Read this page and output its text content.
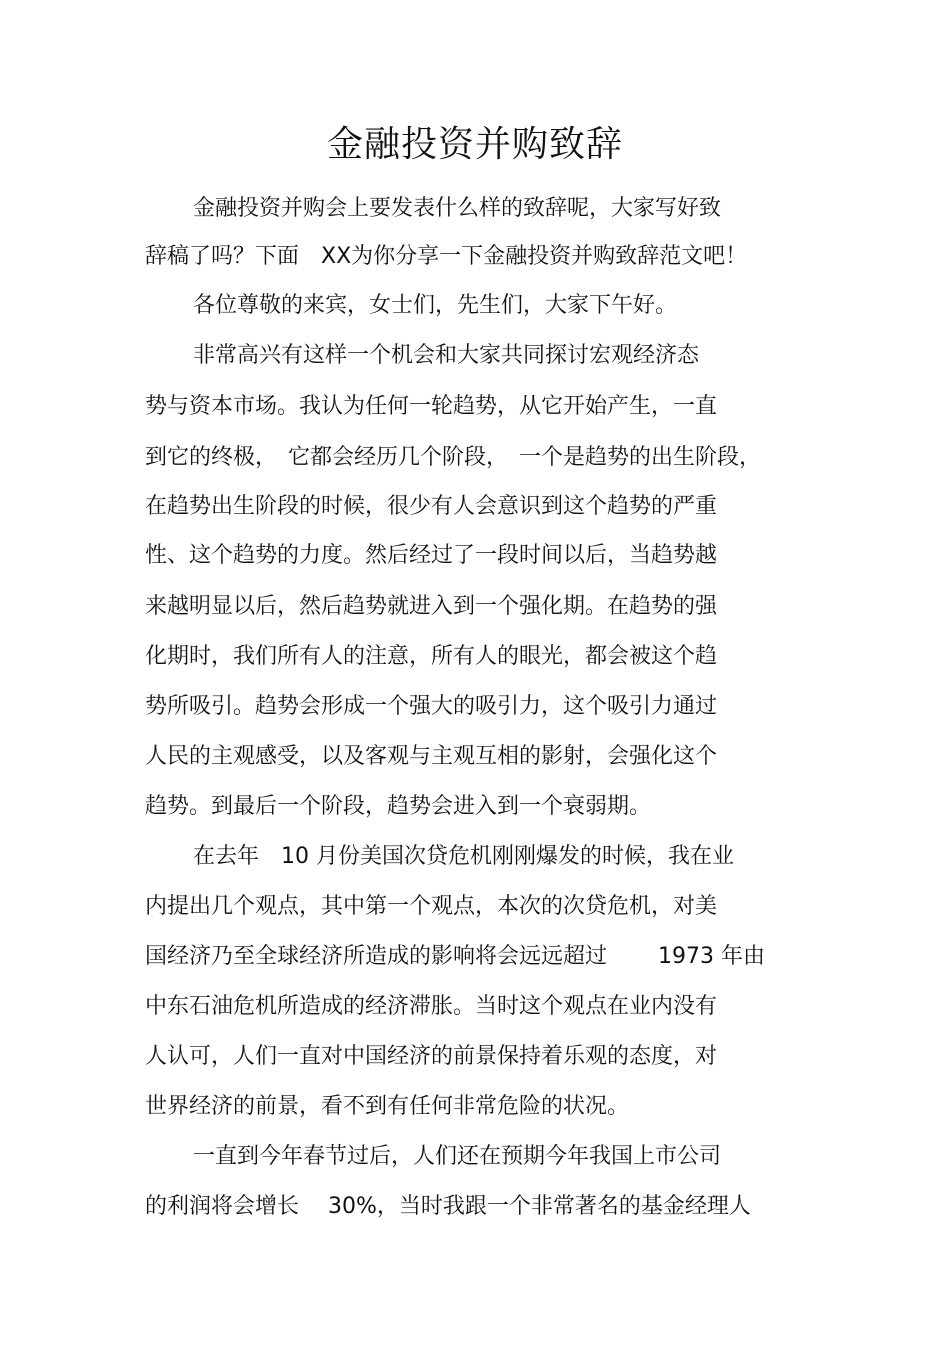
金融投资并购致辞

金融投资并购会上要发表什么样的致辞呢，大家写好致

辞稿了吗？下面　XX为你分享一下金融投资并购致辞范文吧！

各位尊敬的来宾，女士们，先生们，大家下午好。

非常高兴有这样一个机会和大家共同探讨宏观经济态

势与资本市场。我认为任何一轮趋势，从它开始产生，一直

到它的终极，　它都会经历几个阶段，　一个是趋势的出生阶段，

在趋势出生阶段的时候，很少有人会意识到这个趋势的严重

性、这个趋势的力度。然后经过了一段时间以后，当趋势越

来越明显以后，然后趋势就进入到一个强化期。在趋势的强

化期时，我们所有人的注意，所有人的眼光，都会被这个趋

势所吸引。趋势会形成一个强大的吸引力，这个吸引力通过

人民的主观感受，以及客观与主观互相的影射，会强化这个

趋势。到最后一个阶段，趋势会进入到一个衰弱期。

在去年　10 月份美国次贷危机刚刚爆发的时候，我在业

内提出几个观点，其中第一个观点，本次的次贷危机，对美

国经济乃至全球经济所造成的影响将会远远超过　　 1973 年由

中东石油危机所造成的经济滞胀。当时这个观点在业内没有

人认可，人们一直对中国经济的前景保持着乐观的态度，对

世界经济的前景，看不到有任何非常危险的状况。

一直到今年春节过后，人们还在预期今年我国上市公司

的利润将会增长　 30%，当时我跟一个非常著名的基金经理人
